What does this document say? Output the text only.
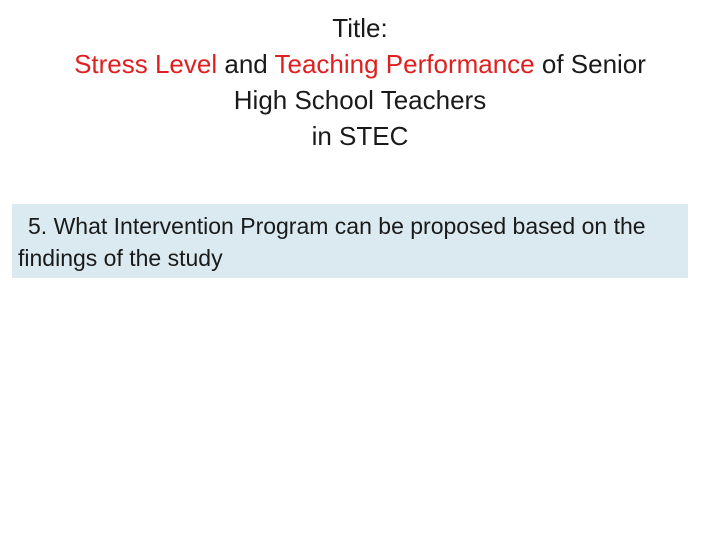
Title:
Stress Level and Teaching Performance of Senior
High School Teachers
in STEC
5. What Intervention Program can be proposed based on the findings of the study
